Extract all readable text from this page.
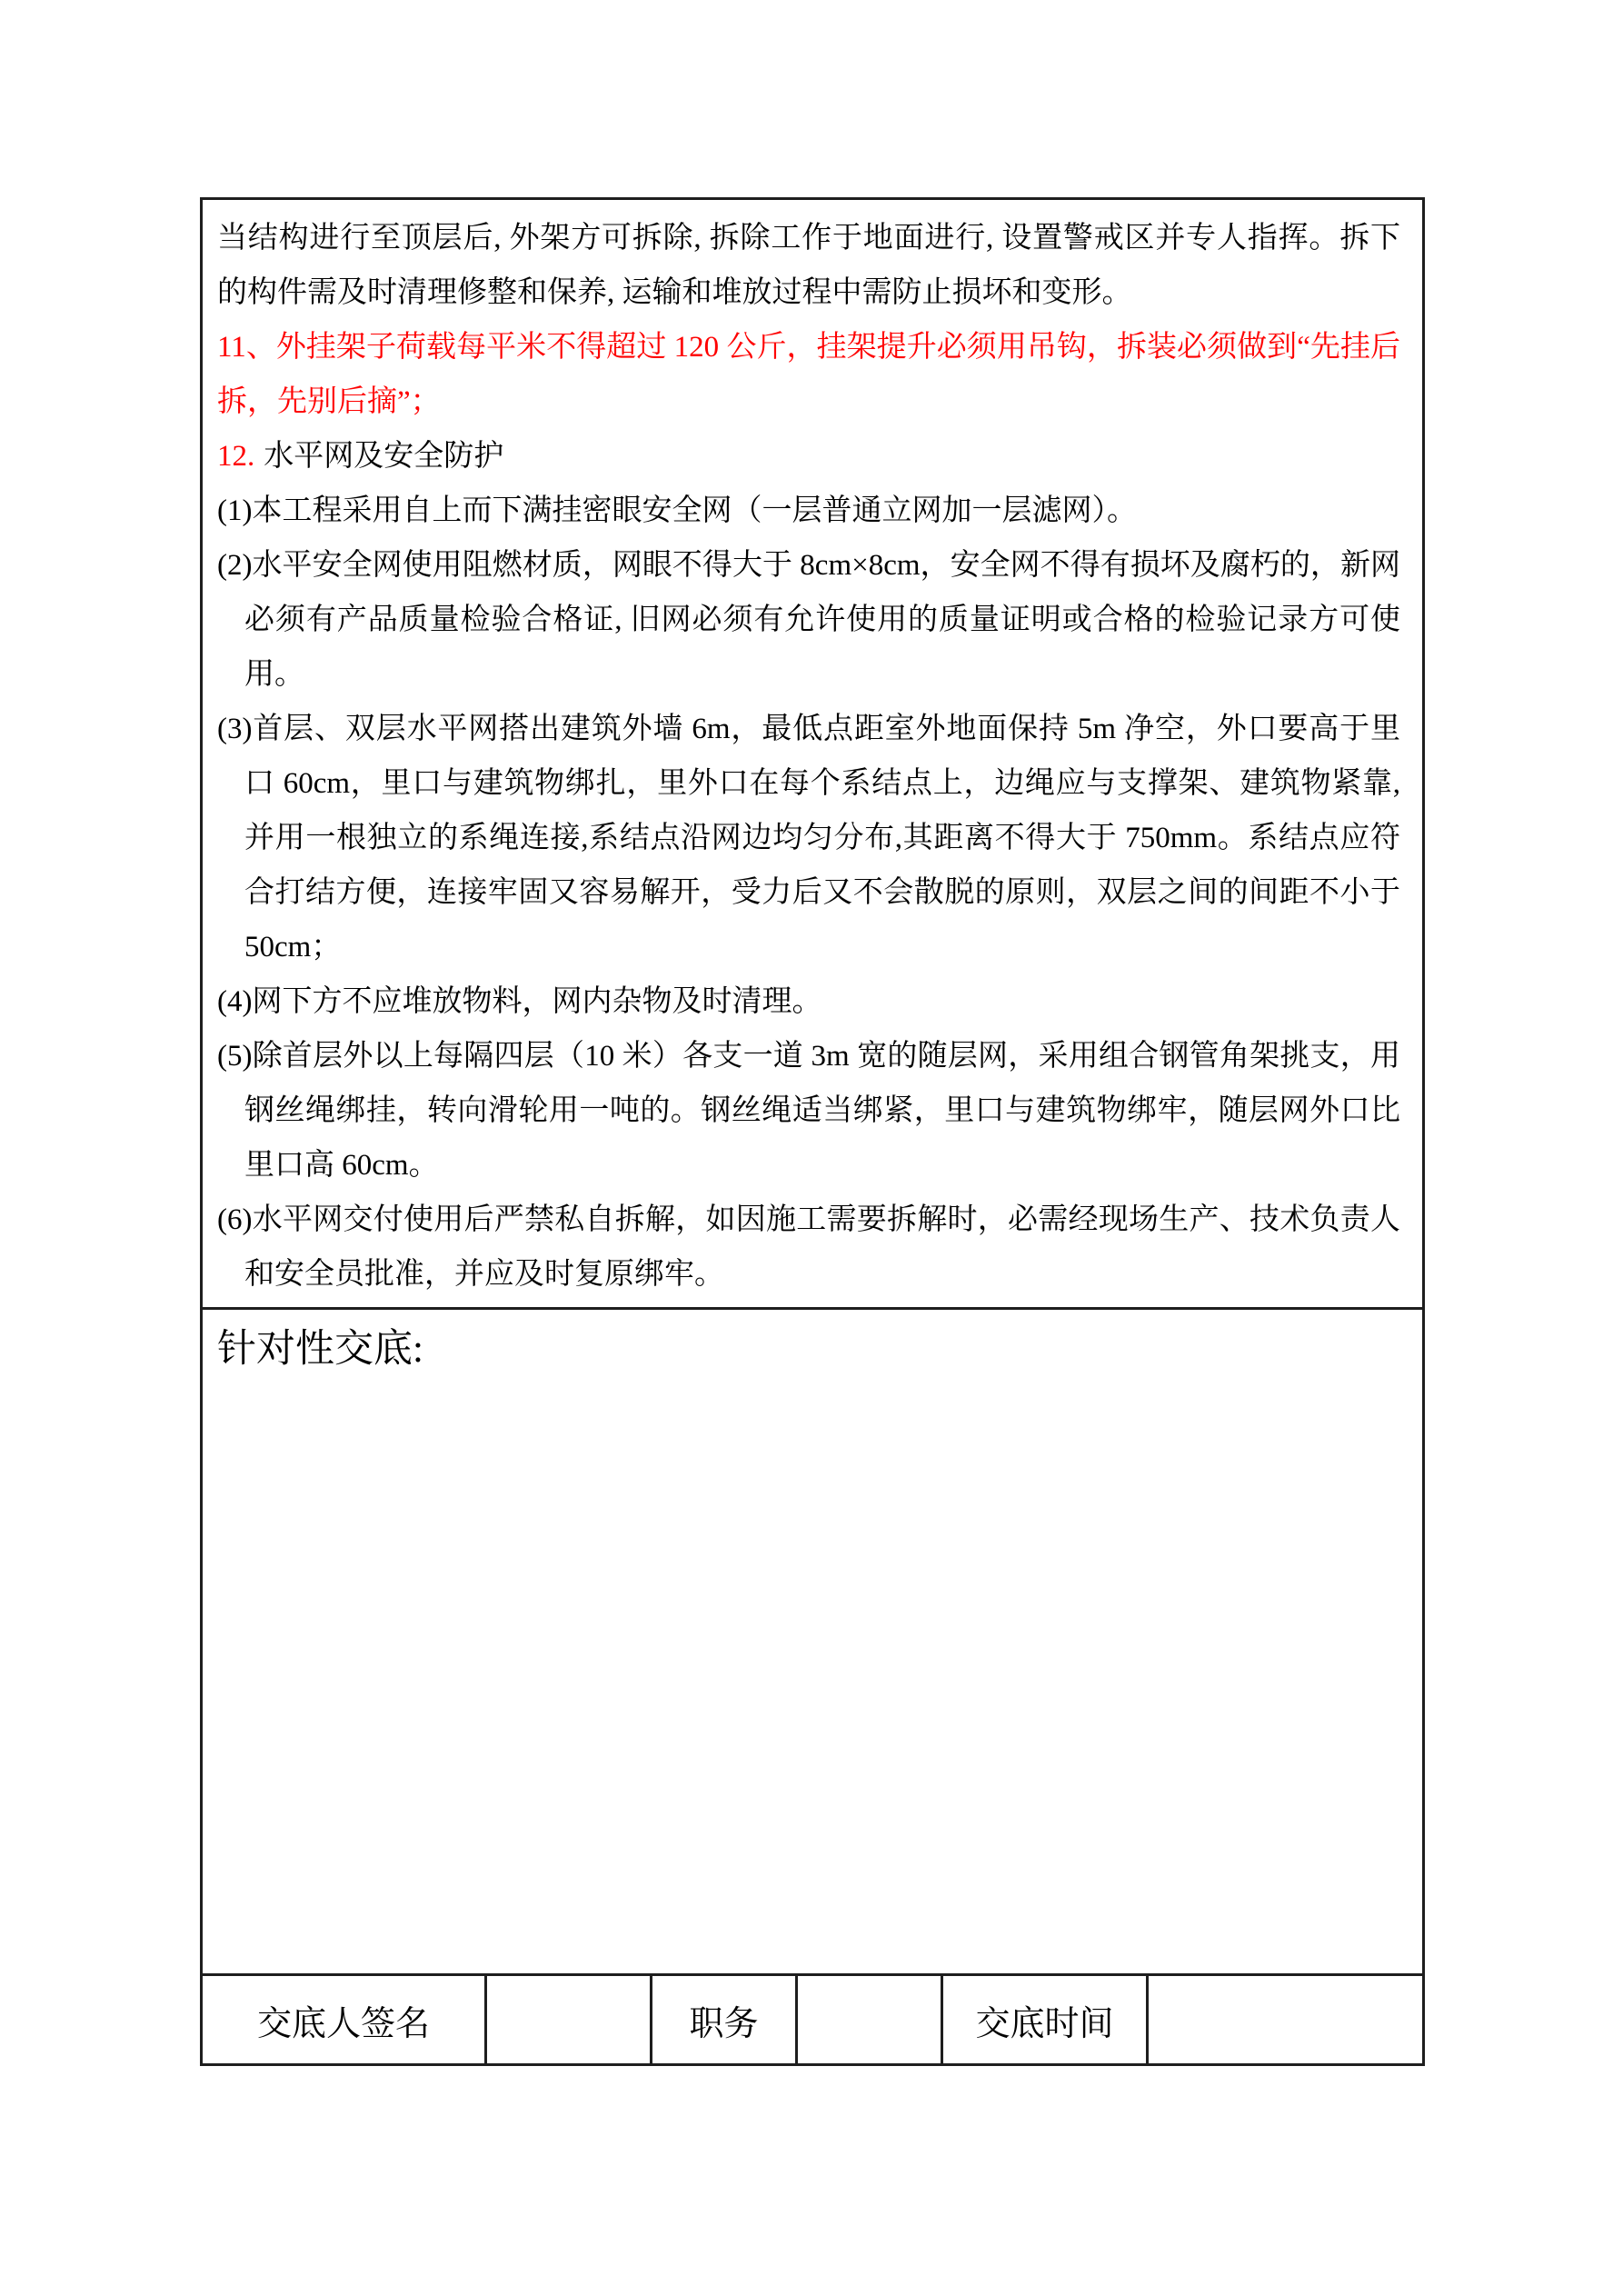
当结构进行至顶层后, 外架方可拆除, 拆除工作于地面进行, 设置警戒区并专人指挥。拆下的构件需及时清理修整和保养, 运输和堆放过程中需防止损坏和变形。

11、外挂架子荷载每平米不得超过 120 公斤，挂架提升必须用吊钩，拆装必须做到“先挂后拆，先别后摘”；

12. 水平网及安全防护

(1)本工程采用自上而下满挂密眼安全网（一层普通立网加一层滤网）。

(2)水平安全网使用阻燃材质，网眼不得大于 8cm×8cm，安全网不得有损坏及腐朽的，新网必须有产品质量检验合格证, 旧网必须有允许使用的质量证明或合格的检验记录方可使用。

(3)首层、双层水平网搭出建筑外墙 6m，最低点距室外地面保持 5m 净空，外口要高于里口 60cm，里口与建筑物绑扎，里外口在每个系结点上，边绳应与支撑架、建筑物紧靠,并用一根独立的系绳连接,系结点沿网边均匀分布,其距离不得大于 750mm。系结点应符合打结方便，连接牢固又容易解开，受力后又不会散脱的原则，双层之间的间距不小于 50cm；

(4)网下方不应堆放物料，网内杂物及时清理。

(5)除首层外以上每隔四层（10 米）各支一道 3m 宽的随层网，采用组合钢管角架挑支，用钢丝绳绑挂，转向滑轮用一吨的。钢丝绳适当绑紧，里口与建筑物绑牢，随层网外口比里口高 60cm。

(6)水平网交付使用后严禁私自拆解，如因施工需要拆解时，必需经现场生产、技术负责人和安全员批准，并应及时复原绑牢。

针对性交底:
交底人签名	职务	交底时间
